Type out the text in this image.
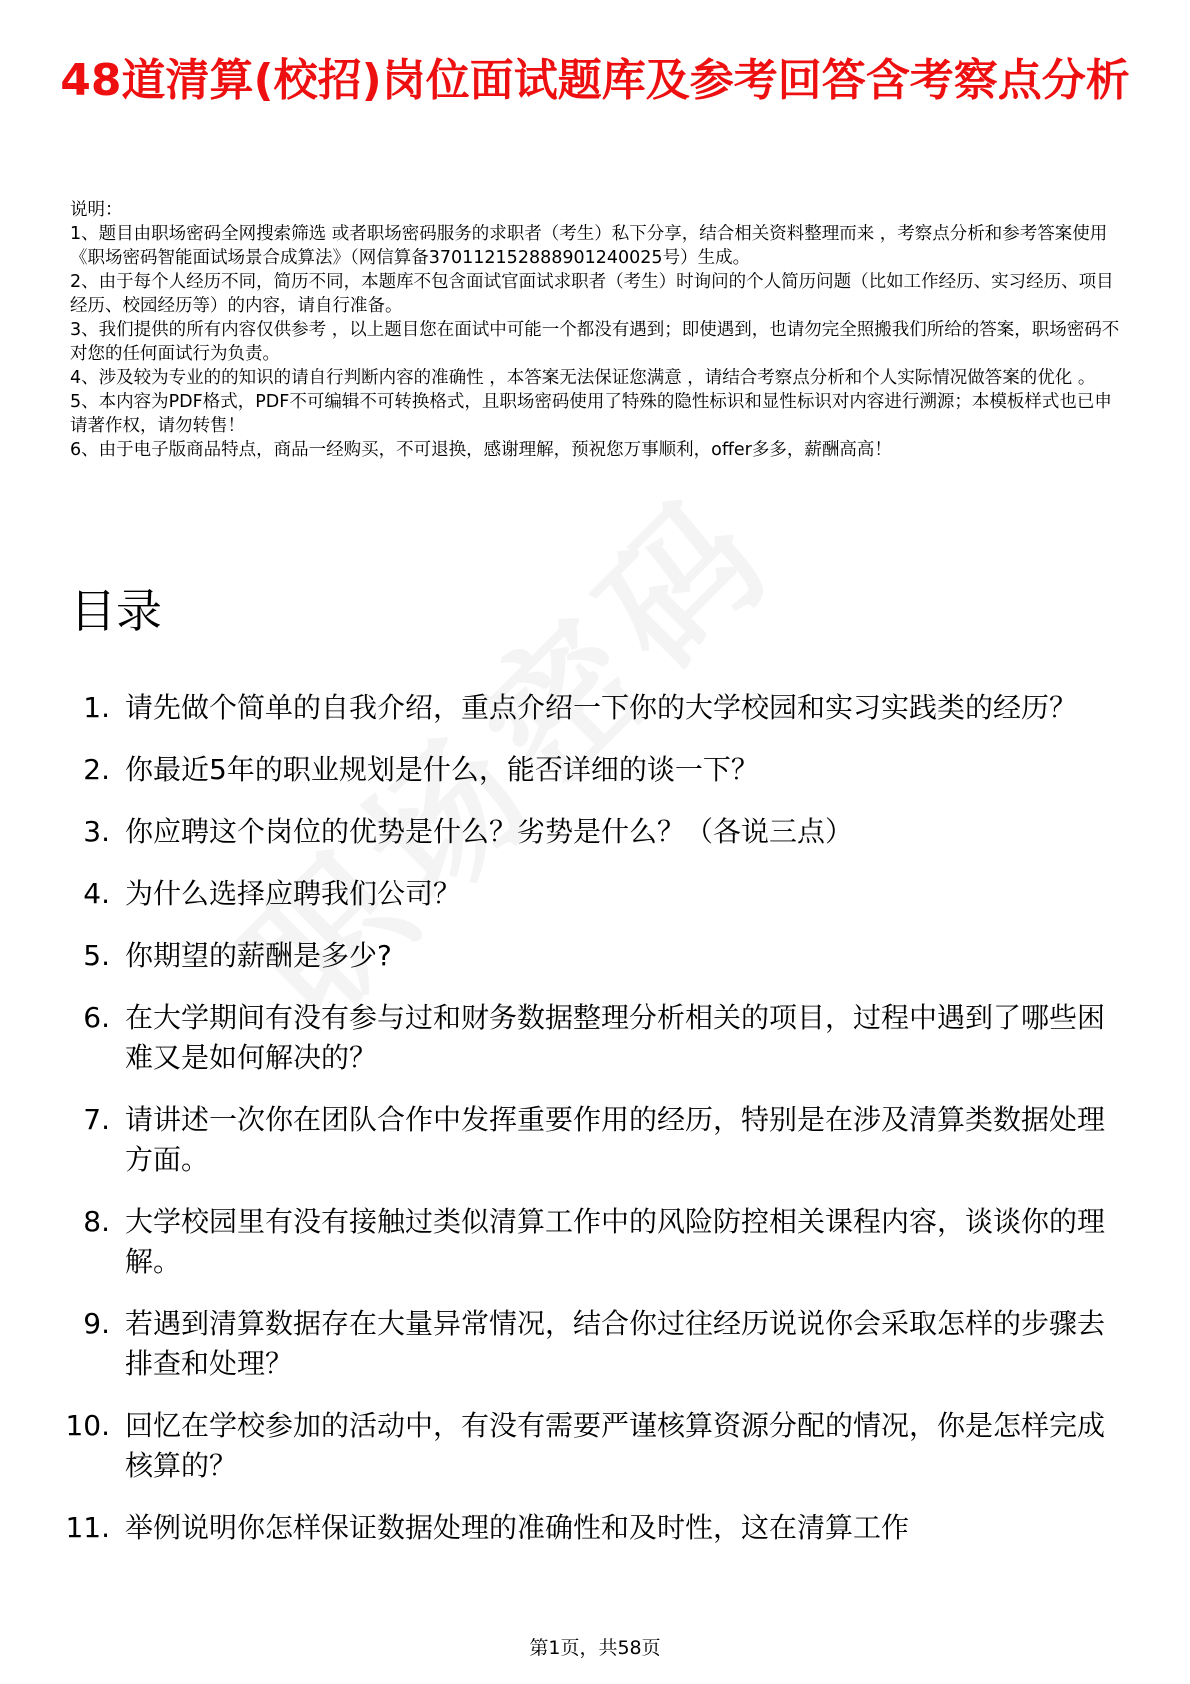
48道清算(校招)岗位面试题库及参考回答含考察点分析

说明：

1、题目由职场密码全网搜索筛选 或者职场密码服务的求职者（考生）私下分享，结合相关资料整理而来 ，考察点分析和参考答案使用《职场密码智能面试场景合成算法》（网信算备370112152888901240025号）生成。

2、由于每个人经历不同，简历不同，本题库不包含面试官面试求职者（考生）时询问的个人简历问题（比如工作经历、实习经历、项目经历、校园经历等）的内容，请自行准备。

3、我们提供的所有内容仅供参考 ，以上题目您在面试中可能一个都没有遇到；即使遇到，也请勿完全照搬我们所给的答案，职场密码不对您的任何面试行为负责。

4、涉及较为专业的的知识的请自行判断内容的准确性 ，本答案无法保证您满意 ，请结合考察点分析和个人实际情况做答案的优化 。

5、本内容为PDF格式，PDF不可编辑不可转换格式，且职场密码使用了特殊的隐性标识和显性标识对内容进行溯源；本模板样式也已申请著作权，请勿转售！

6、由于电子版商品特点，商品一经购买，不可退换，感谢理解，预祝您万事顺利，offer多多，薪酬高高！

目录
1. 请先做个简单的自我介绍，重点介绍一下你的大学校园和实习实践类的经历？
2. 你最近5年的职业规划是什么，能否详细的谈一下？
3. 你应聘这个岗位的优势是什么？劣势是什么？（各说三点）
4. 为什么选择应聘我们公司？
5. 你期望的薪酬是多少?
6. 在大学期间有没有参与过和财务数据整理分析相关的项目，过程中遇到了哪些困难又是如何解决的？
7. 请讲述一次你在团队合作中发挥重要作用的经历，特别是在涉及清算类数据处理方面。
8. 大学校园里有没有接触过类似清算工作中的风险防控相关课程内容，谈谈你的理解。
9. 若遇到清算数据存在大量异常情况，结合你过往经历说说你会采取怎样的步骤去排查和处理？
10. 回忆在学校参加的活动中，有没有需要严谨核算资源分配的情况，你是怎样完成核算的？
11. 举例说明你怎样保证数据处理的准确性和及时性，这在清算工作
第1页，共58页
